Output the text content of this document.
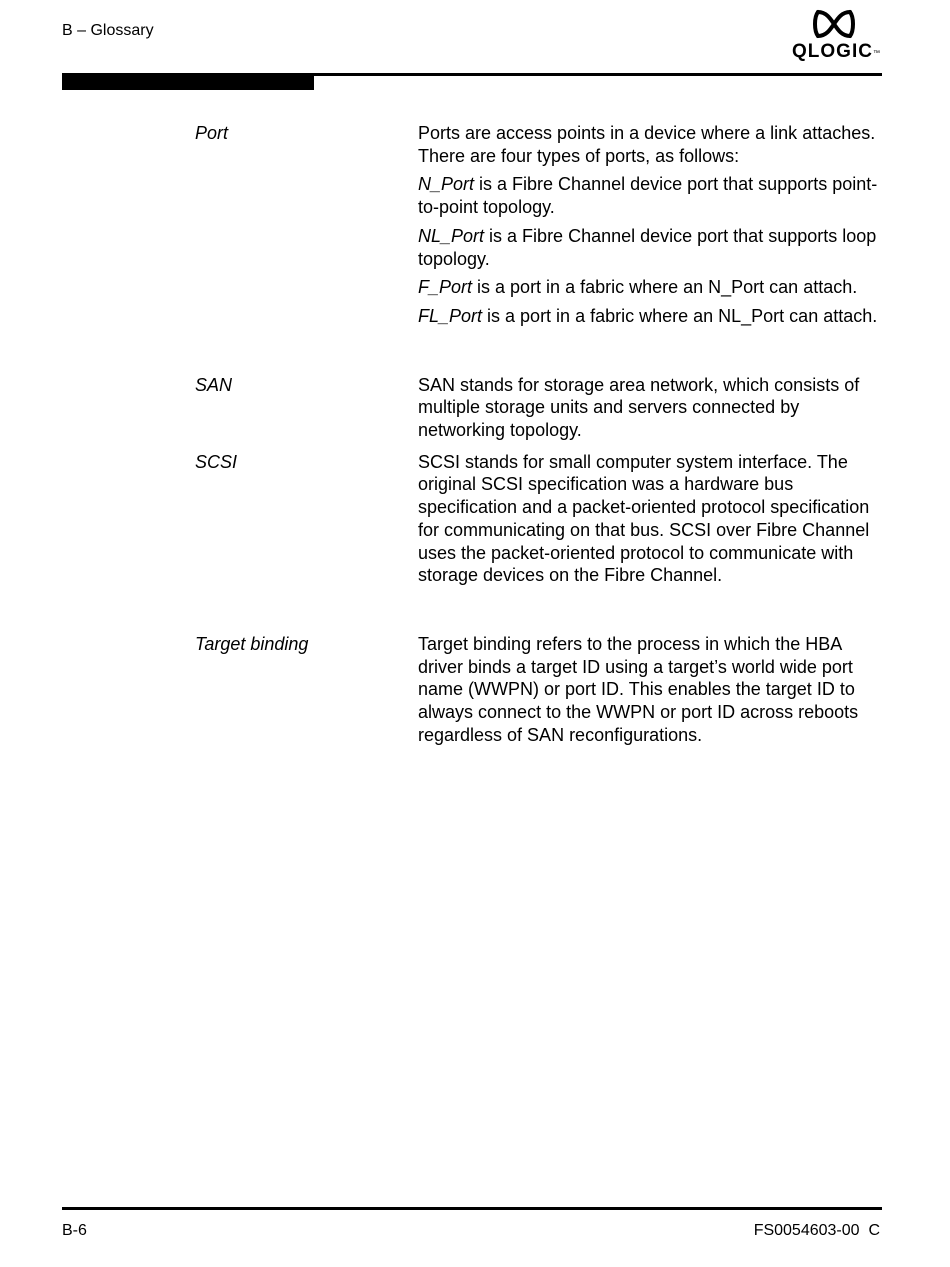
B – Glossary
QLOGIC™
Port	Ports are access points in a device where a link attaches. There are four types of ports, as follows:

N_Port is a Fibre Channel device port that supports point-to-point topology.

NL_Port is a Fibre Channel device port that supports loop topology.

F_Port is a port in a fabric where an N_Port can attach.

FL_Port is a port in a fabric where an NL_Port can attach.

SAN	SAN stands for storage area network, which consists of multiple storage units and servers connected by networking topology.

SCSI	SCSI stands for small computer system interface. The original SCSI specification was a hardware bus specification and a packet-oriented protocol specification for communicating on that bus. SCSI over Fibre Channel uses the packet-oriented protocol to communicate with storage devices on the Fibre Channel.

Target binding	Target binding refers to the process in which the HBA driver binds a target ID using a target’s world wide port name (WWPN) or port ID. This enables the target ID to always connect to the WWPN or port ID across reboots regardless of SAN reconfigurations.

B-6	FS0054603-00  C
